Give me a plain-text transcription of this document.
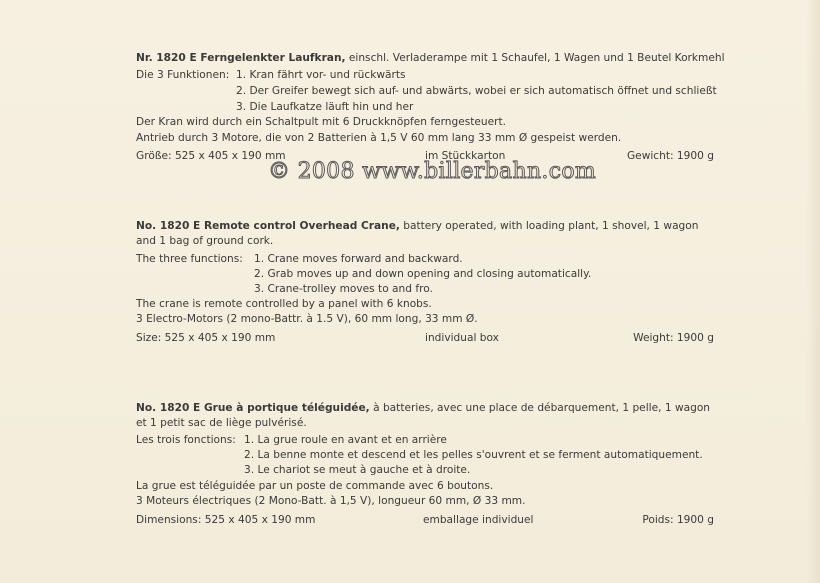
Nr. 1820 E Ferngelenkter Laufkran, einschl. Verladerampe mit 1 Schaufel, 1 Wagen und 1 Beutel Korkmehl
Die 3 Funktionen: 1. Kran fährt vor- und rückwärts
2. Der Greifer bewegt sich auf- und abwärts, wobei er sich automatisch öffnet und schließt
3. Die Laufkatze läuft hin und her
Der Kran wird durch ein Schaltpult mit 6 Druckknöpfen ferngesteuert.
Antrieb durch 3 Motore, die von 2 Batterien à 1,5 V 60 mm lang 33 mm Ø gespeist werden.
Größe: 525 x 405 x 190 mm	im Stückkarton	Gewicht: 1900 g
© 2008 www.billerbahn.com
No. 1820 E Remote control Overhead Crane, battery operated, with loading plant, 1 shovel, 1 wagon
and 1 bag of ground cork.
The three functions: 1. Crane moves forward and backward.
2. Grab moves up and down opening and closing automatically.
3. Crane-trolley moves to and fro.
The crane is remote controlled by a panel with 6 knobs.
3 Electro-Motors (2 mono-Battr. à 1.5 V), 60 mm long, 33 mm Ø.
Size: 525 x 405 x 190 mm	individual box	Weight: 1900 g
No. 1820 E Grue à portique téléguidée, à batteries, avec une place de débarquement, 1 pelle, 1 wagon
et 1 petit sac de liège pulvérisé.
Les trois fonctions: 1. La grue roule en avant et en arrière
2. La benne monte et descend et les pelles s'ouvrent et se ferment automatiquement.
3. Le chariot se meut à gauche et à droite.
La grue est téléguidée par un poste de commande avec 6 boutons.
3 Moteurs électriques (2 Mono-Batt. à 1,5 V), longueur 60 mm, Ø 33 mm.
Dimensions: 525 x 405 x 190 mm	emballage individuel	Poids: 1900 g
